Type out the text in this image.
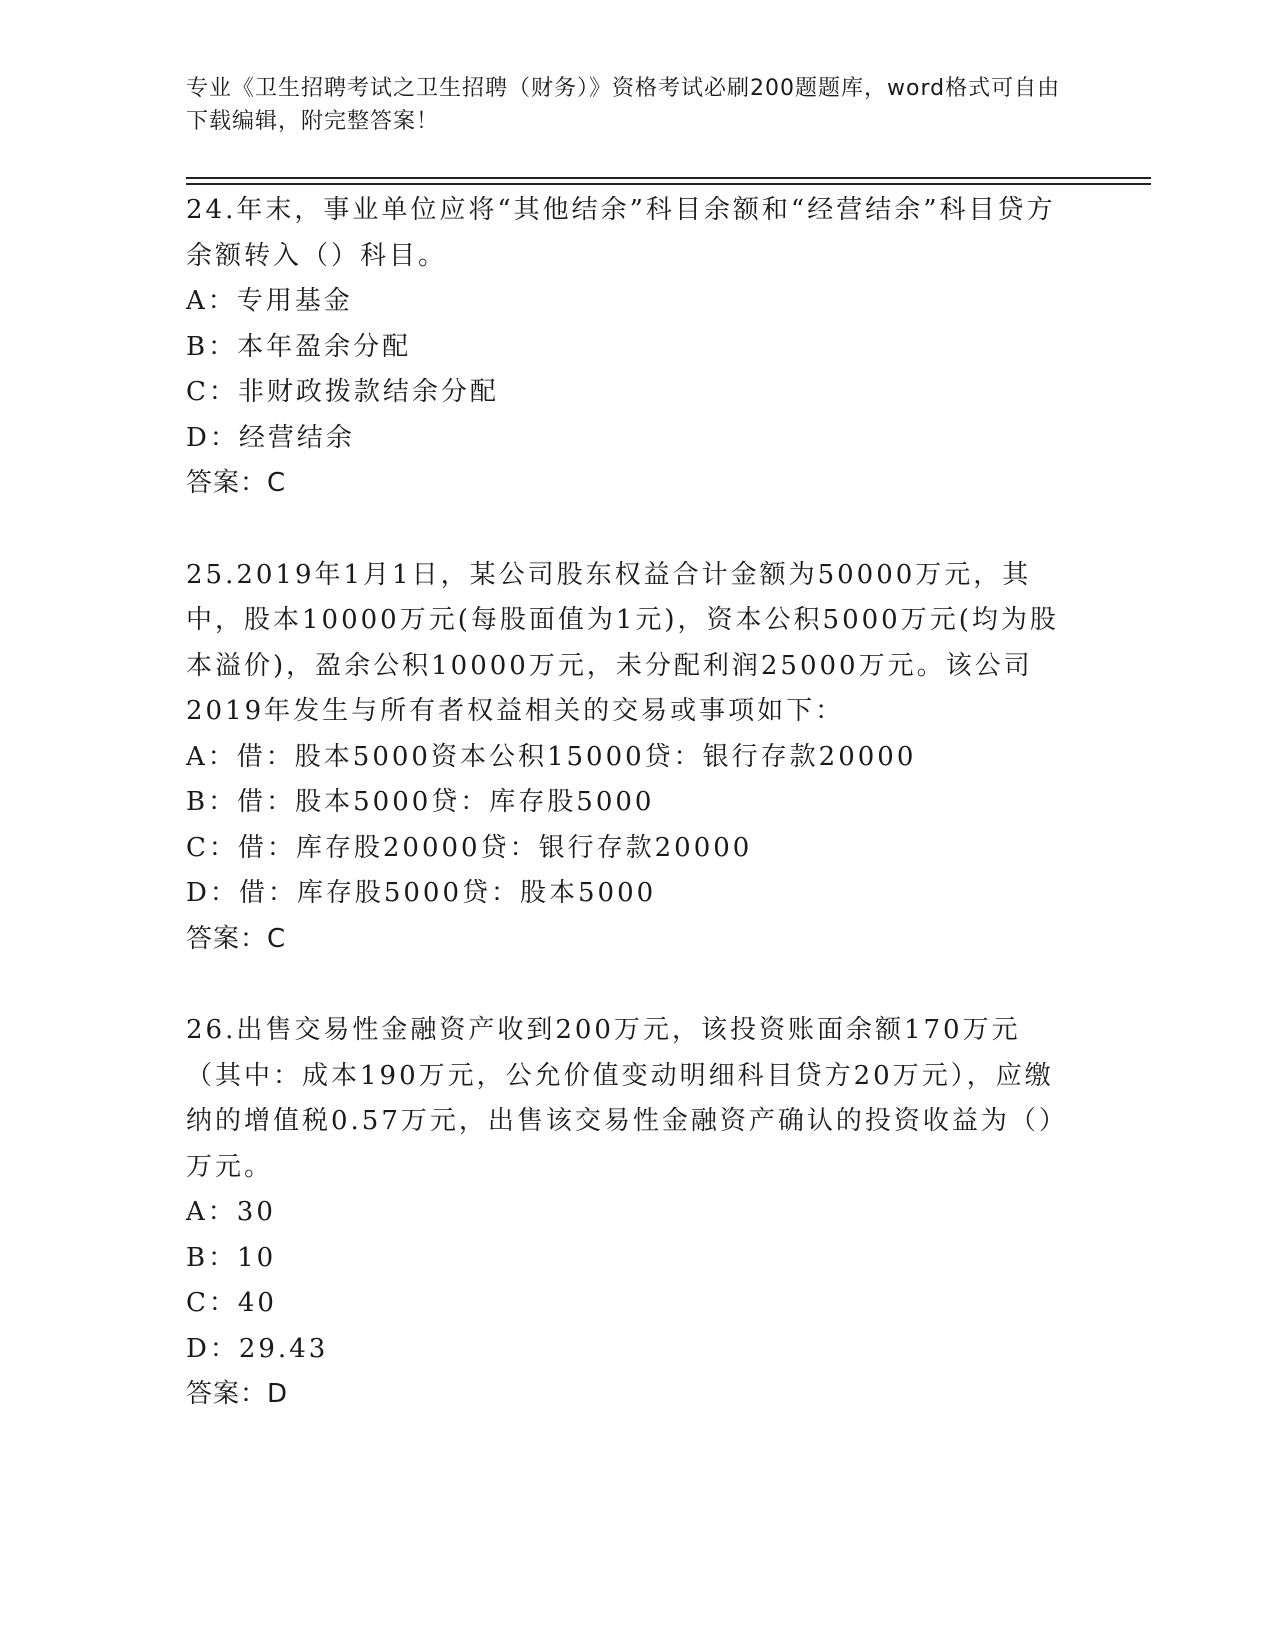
专业《卫生招聘考试之卫生招聘（财务）》资格考试必刷200题题库，word格式可自由下载编辑，附完整答案！

24.年末，事业单位应将“其他结余”科目余额和“经营结余”科目贷方余额转入（）科目。

A：专用基金
B：本年盈余分配
C：非财政拨款结余分配
D：经营结余

答案：C

25.2019年1月1日，某公司股东权益合计金额为50000万元，其中，股本10000万元(每股面值为1元)，资本公积5000万元(均为股本溢价)，盈余公积10000万元，未分配利润25000万元。该公司2019年发生与所有者权益相关的交易或事项如下：

A：借：股本5000资本公积15000贷：银行存款20000
B：借：股本5000贷：库存股5000
C：借：库存股20000贷：银行存款20000
D：借：库存股5000贷：股本5000

答案：C

26.出售交易性金融资产收到200万元，该投资账面余额170万元（其中：成本190万元，公允价值变动明细科目贷方20万元），应缴纳的增值税0.57万元，出售该交易性金融资产确认的投资收益为（）万元。

A：30
B：10
C：40
D：29.43

答案：D
